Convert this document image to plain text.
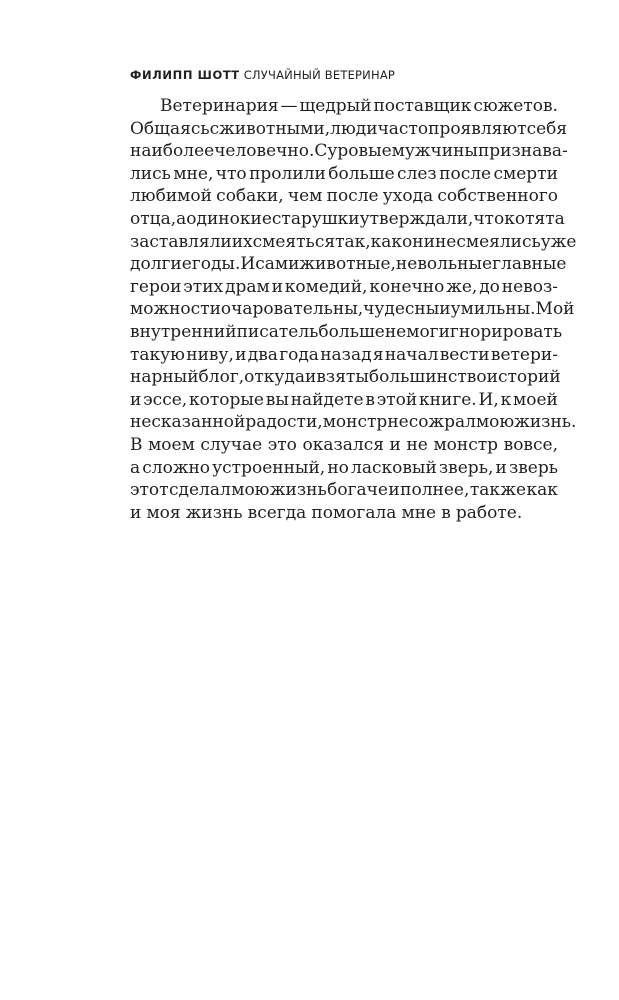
ФИЛИПП ШОТТ СЛУЧАЙНЫЙ ВЕТЕРИНАР
Ветеринария — щедрый поставщик сюжетов.
Общаясь с животными, люди часто проявляют себя
наиболее человечно. Суровые мужчины признава-
лись мне, что пролили больше слез после смерти
любимой собаки, чем после ухода собственного
отца, а одинокие старушки утверждали, что котята
заставляли их смеяться так, как они не смеялись уже
долгие годы. И сами животные, невольные главные
герои этих драм и комедий, конечно же, до невоз-
можности очаровательны, чудесны и умильны. Мой
внутренний писатель больше не мог игнорировать
такую ниву, и два года назад я начал вести ветери-
нарный блог, откуда и взяты большинство историй
и эссе, которые вы найдете в этой книге. И, к моей
несказанной радости, монстр не сожрал мою жизнь.
В моем случае это оказался и не монстр вовсе,
а сложно устроенный, но ласковый зверь, и зверь
этот сделал мою жизнь богаче и полнее, так же как
и моя жизнь всегда помогала мне в работе.
